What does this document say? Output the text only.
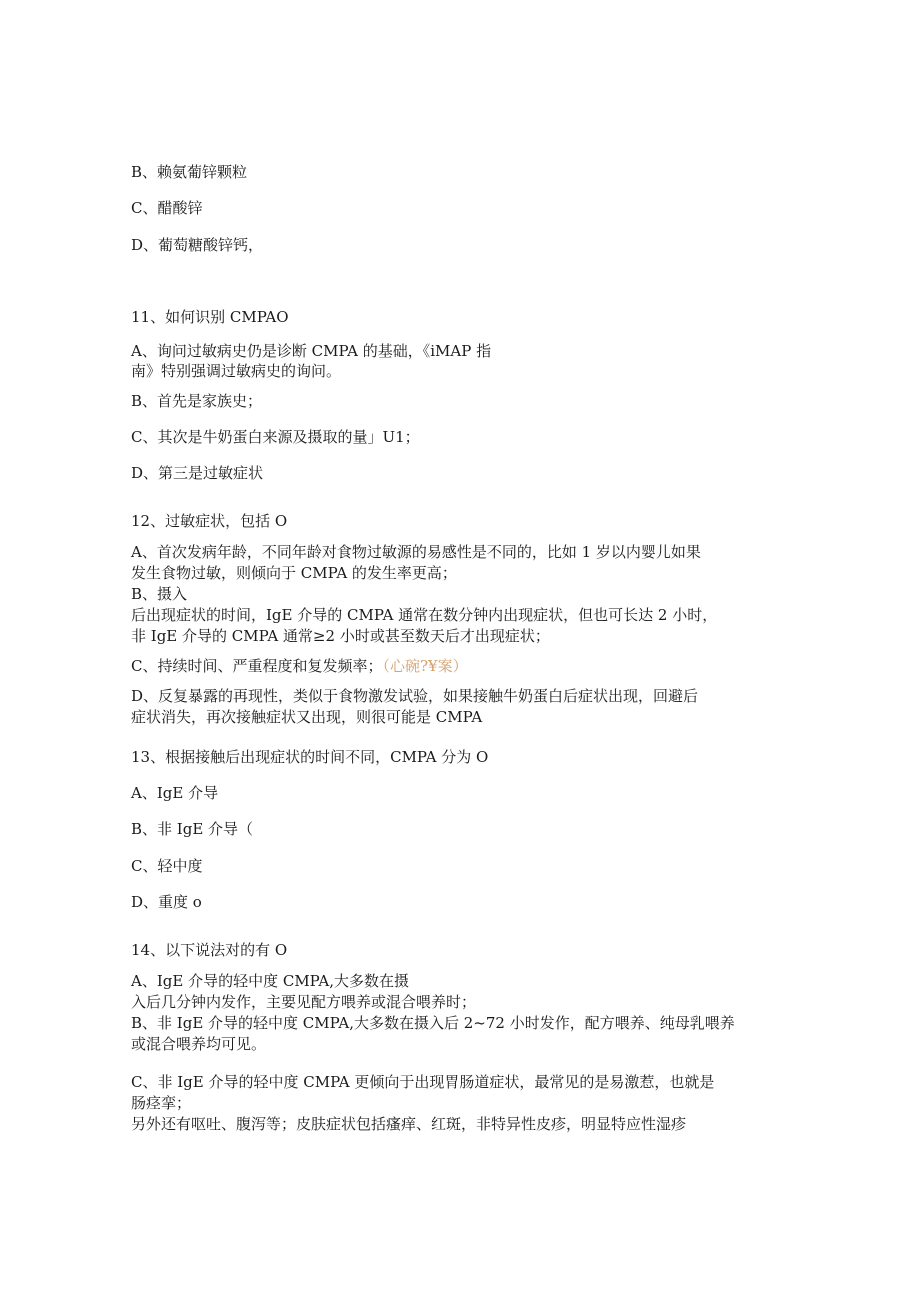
B、赖氨葡锌颗粒
C、醋酸锌
D、葡萄糖酸锌钙，
11、如何识别 CMPAO
A、询问过敏病史仍是诊断 CMPA 的基础，《iMAP 指
南》特别强调过敏病史的询问。
B、首先是家族史；
C、其次是牛奶蛋白来源及摄取的量」U1；
D、第三是过敏症状
12、过敏症状，包括 O
A、首次发病年龄，不同年龄对食物过敏源的易感性是不同的，比如 1 岁以内婴儿如果
发生食物过敏，则倾向于 CMPA 的发生率更高；
B、摄入
后出现症状的时间，IgE 介导的 CMPA 通常在数分钟内出现症状，但也可长达 2 小时，
非 IgE 介导的 CMPA 通常≥2 小时或甚至数天后才出现症状；
C、持续时间、严重程度和复发频率；（心碗?¥案）
D、反复暴露的再现性，类似于食物激发试验，如果接触牛奶蛋白后症状出现，回避后
症状消失，再次接触症状又出现，则很可能是 CMPA
13、根据接触后出现症状的时间不同，CMPA 分为 O
A、IgE 介导
B、非 IgE 介导（
C、轻中度
D、重度 o
14、以下说法对的有 O
A、IgE 介导的轻中度 CMPA,大多数在摄
入后几分钟内发作，主要见配方喂养或混合喂养时；
B、非 IgE 介导的轻中度 CMPA,大多数在摄入后 2~72 小时发作，配方喂养、纯母乳喂养
或混合喂养均可见。
C、非 IgE 介导的轻中度 CMPA 更倾向于出现胃肠道症状，最常见的是易激惹，也就是
肠痉挛；
另外还有呕吐、腹泻等；皮肤症状包括瘙痒、红斑，非特异性皮疹，明显特应性湿疹
